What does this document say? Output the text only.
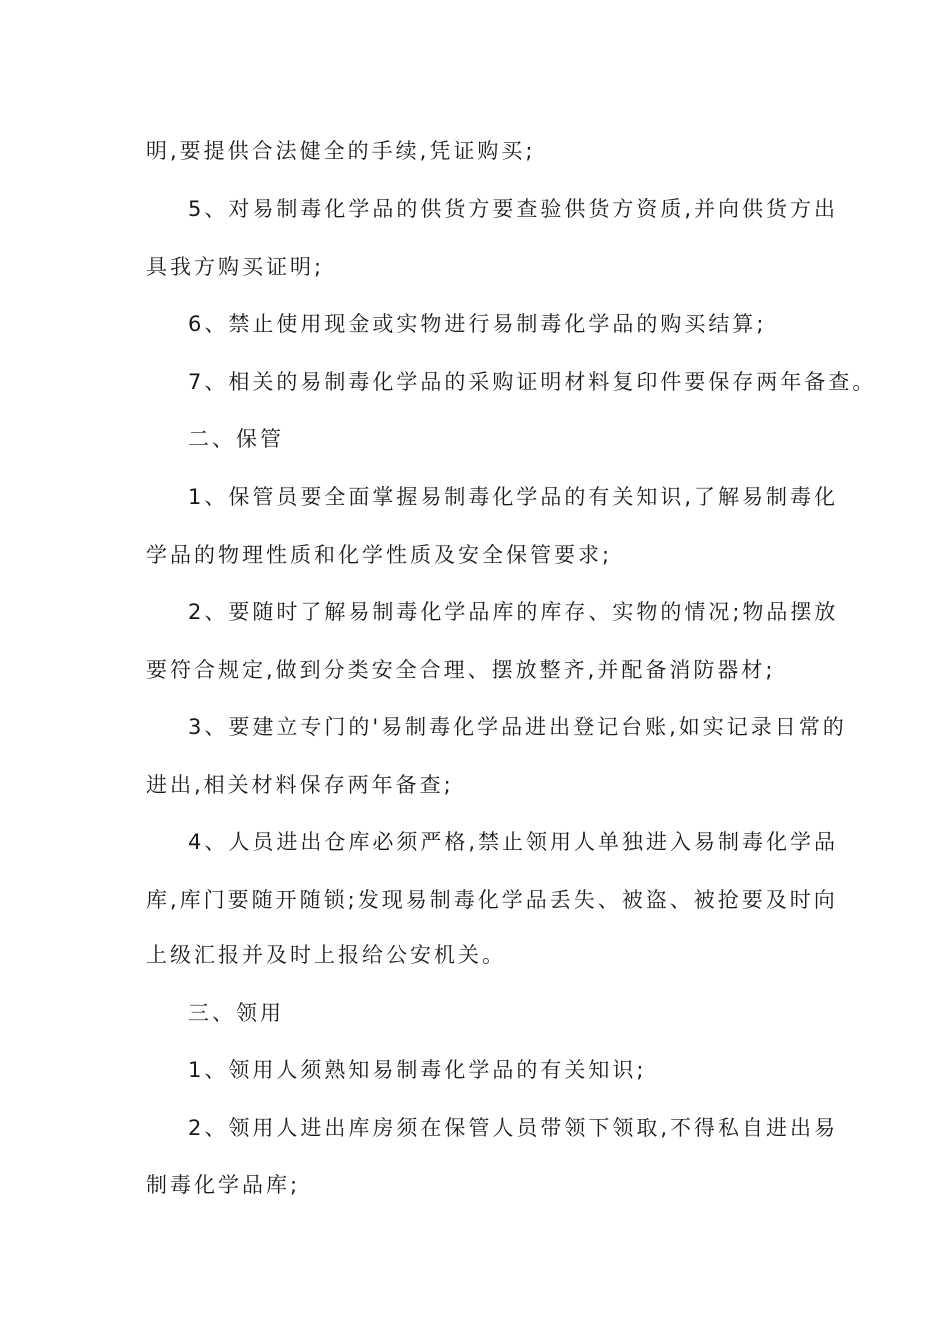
明,要提供合法健全的手续,凭证购买;
5、对易制毒化学品的供货方要查验供货方资质,并向供货方出
具我方购买证明;
6、禁止使用现金或实物进行易制毒化学品的购买结算;
7、相关的易制毒化学品的采购证明材料复印件要保存两年备查。
二、保管
1、保管员要全面掌握易制毒化学品的有关知识,了解易制毒化
学品的物理性质和化学性质及安全保管要求;
2、要随时了解易制毒化学品库的库存、实物的情况;物品摆放
要符合规定,做到分类安全合理、摆放整齐,并配备消防器材;
3、要建立专门的'易制毒化学品进出登记台账,如实记录日常的
进出,相关材料保存两年备查;
4、人员进出仓库必须严格,禁止领用人单独进入易制毒化学品
库,库门要随开随锁;发现易制毒化学品丢失、被盗、被抢要及时向
上级汇报并及时上报给公安机关。
三、领用
1、领用人须熟知易制毒化学品的有关知识;
2、领用人进出库房须在保管人员带领下领取,不得私自进出易
制毒化学品库;
